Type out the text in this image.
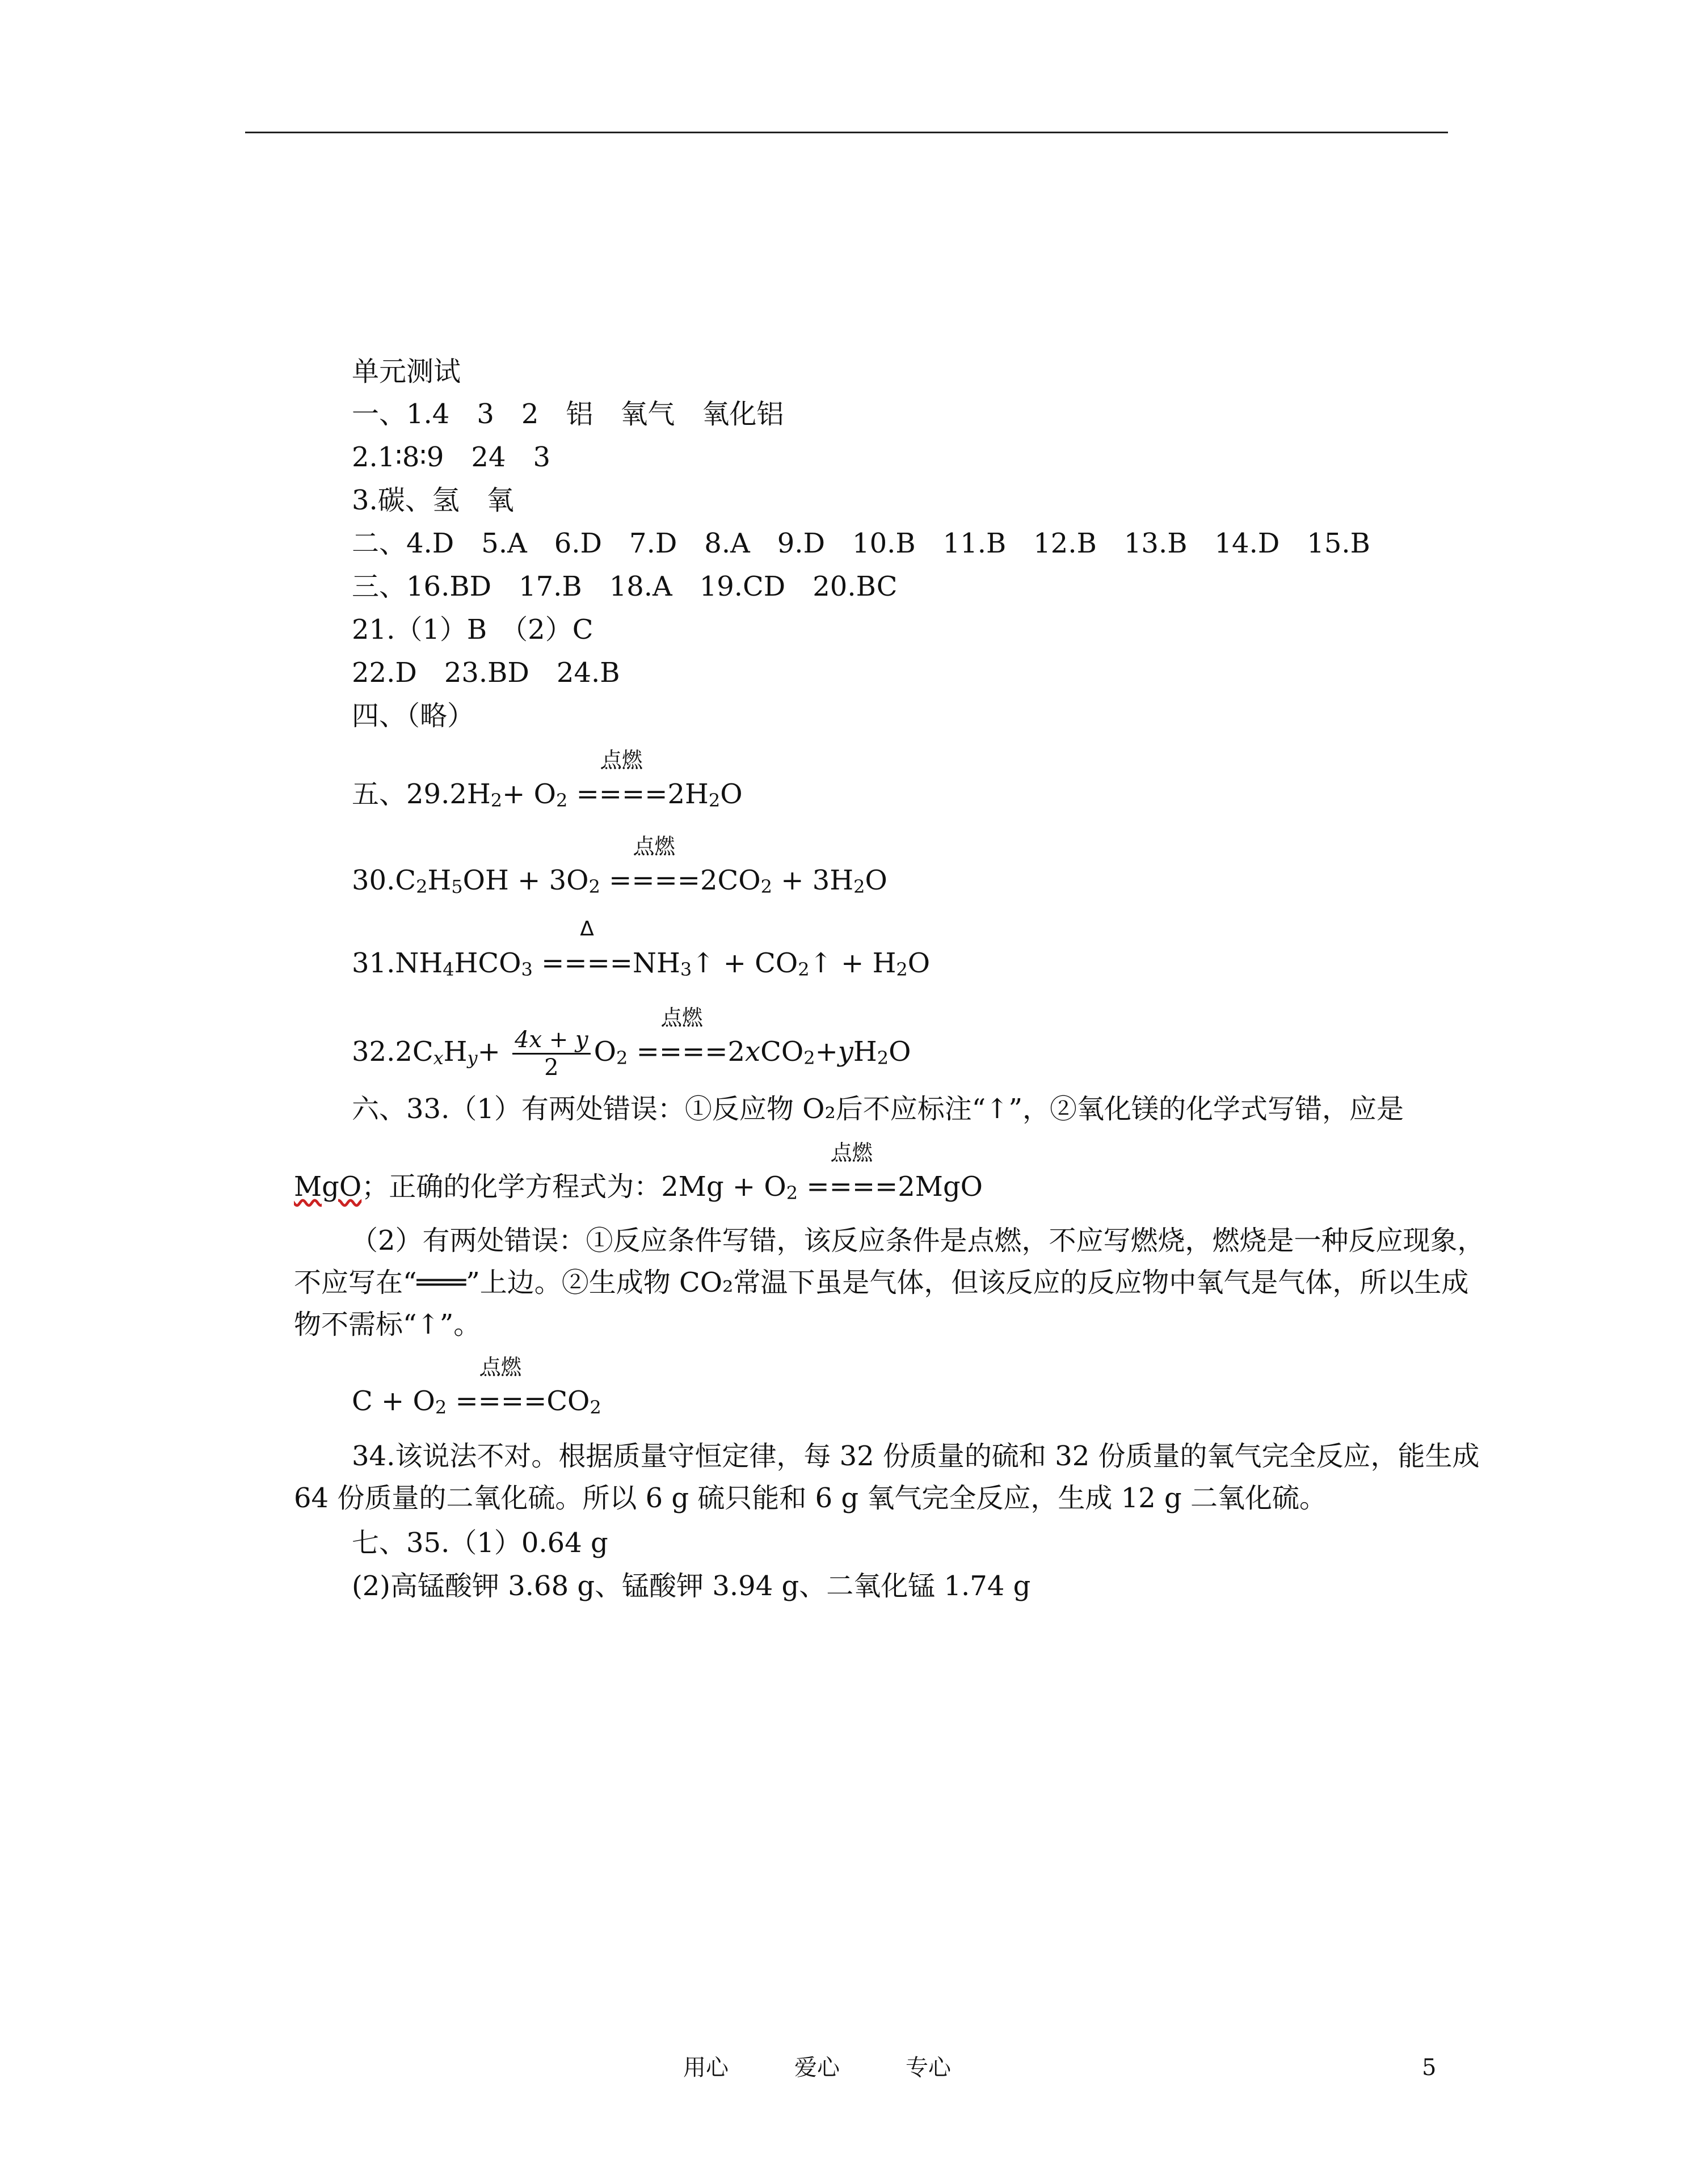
单元测试
一、1.4　3　2　铝　氧气　氧化铝
2.1∶8∶9　24　3
3.碳、氢　氧
二、4.D　5.A　6.D　7.D　8.A　9.D　10.B　11.B　12.B　13.B　14.D　15.B
三、16.BD　17.B　18.A　19.CD　20.BC
21.（1）B　（2）C
22.D　23.BD　24.B
四、（略）
五、$29.2H_2+ O_2$
点燃
$====2H_2O$
$30.C_2H_5OH + 3O_2$
点燃
$====2CO_2 + 3H_2O$
$31.NH_4HCO_3$
Δ
$====NH_3↑$ + $CO_2↑ + H_2O$
$32.2C_xH_y+ \frac{4x + y}{2} O_2$
点燃
$====2xCO_2+yH_2O$
六、33.（1）有两处错误：①反应物 O₂后不应标注“↑”，②氧化镁的化学式写错，应是
MgO；正确的化学方程式为：$2Mg + O_2$
点燃
====2MgO
（2）有两处错误：①反应条件写错，该反应条件是点燃，不应写燃烧，燃烧是一种反应现象，不应写在“═══”上边。②生成物 CO₂常温下虽是气体，但该反应的反应物中氧气是气体，所以生成物不需标“↑”。
$C + O_2$
点燃
$====CO_2$
34.该说法不对。根据质量守恒定律，每 32 份质量的硫和 32 份质量的氧气完全反应，能生成 64 份质量的二氧化硫。所以 6 g 硫只能和 6 g 氧气完全反应，生成 12 g 二氧化硫。
七、35.（1）0.64 g
(2)高锰酸钾 3.68 g、锰酸钾 3.94 g、二氧化锰 1.74 g
用心	爱心	专心	5
